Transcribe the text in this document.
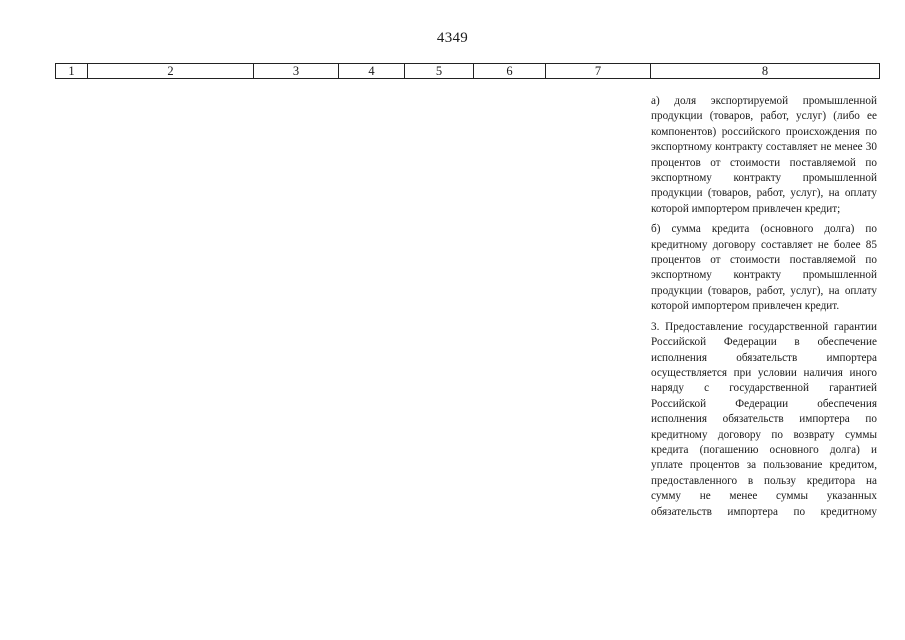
4349
1	2	3	4	5	6	7	8

а) доля экспортируемой промышленной продукции (товаров, работ, услуг) (либо ее компонентов) российского происхождения по экспортному контракту составляет не менее 30 процентов от стоимости поставляемой по экспортному контракту промышленной продукции (товаров, работ, услуг), на оплату которой импортером привлечен кредит;

б) сумма кредита (основного долга) по кредитному договору составляет не более 85 процентов от стоимости поставляемой по экспортному контракту промышленной продукции (товаров, работ, услуг), на оплату которой импортером привлечен кредит.

3. Предоставление государственной гарантии Российской Федерации в обеспечение исполнения обязательств импортера осуществляется при условии наличия иного наряду с государственной гарантией Российской Федерации обеспечения исполнения обязательств импортера по кредитному договору по возврату суммы кредита (погашению основного долга) и уплате процентов за пользование кредитом, предоставленного в пользу кредитора на сумму не менее суммы указанных обязательств импортера по кредитному
